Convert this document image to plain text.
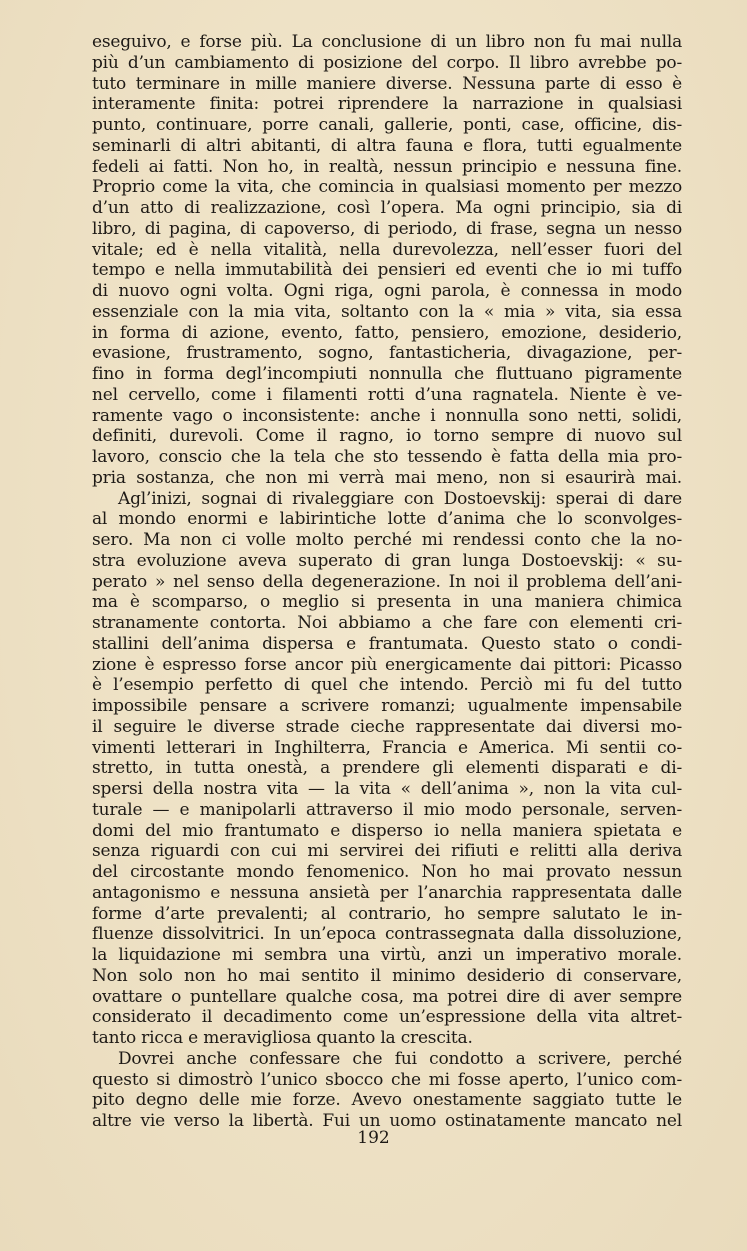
eseguivo, e forse più. La conclusione di un libro non fu mai nulla
più d’un cambiamento di posizione del corpo. Il libro avrebbe po-
tuto terminare in mille maniere diverse. Nessuna parte di esso è
interamente finita: potrei riprendere la narrazione in qualsiasi
punto, continuare, porre canali, gallerie, ponti, case, officine, dis-
seminarli di altri abitanti, di altra fauna e flora, tutti egualmente
fedeli ai fatti. Non ho, in realtà, nessun principio e nessuna fine.
Proprio come la vita, che comincia in qualsiasi momento per mezzo
d’un atto di realizzazione, così l’opera. Ma ogni principio, sia di
libro, di pagina, di capoverso, di periodo, di frase, segna un nesso
vitale; ed è nella vitalità, nella durevolezza, nell’esser fuori del
tempo e nella immutabilità dei pensieri ed eventi che io mi tuffo
di nuovo ogni volta. Ogni riga, ogni parola, è connessa in modo
essenziale con la mia vita, soltanto con la « mia » vita, sia essa
in forma di azione, evento, fatto, pensiero, emozione, desiderio,
evasione, frustramento, sogno, fantasticheria, divagazione, per-
fino in forma degl’incompiuti nonnulla che fluttuano pigramente
nel cervello, come i filamenti rotti d’una ragnatela. Niente è ve-
ramente vago o inconsistente: anche i nonnulla sono netti, solidi,
definiti, durevoli. Come il ragno, io torno sempre di nuovo sul
lavoro, conscio che la tela che sto tessendo è fatta della mia pro-
pria sostanza, che non mi verrà mai meno, non si esaurirà mai.
Agl’inizi, sognai di rivaleggiare con Dostoevskij: sperai di dare
al mondo enormi e labirintiche lotte d’anima che lo sconvolges-
sero. Ma non ci volle molto perché mi rendessi conto che la no-
stra evoluzione aveva superato di gran lunga Dostoevskij: « su-
perato » nel senso della degenerazione. In noi il problema dell’ani-
ma è scomparso, o meglio si presenta in una maniera chimica
stranamente contorta. Noi abbiamo a che fare con elementi cri-
stallini dell’anima dispersa e frantumata. Questo stato o condi-
zione è espresso forse ancor più energicamente dai pittori: Picasso
è l’esempio perfetto di quel che intendo. Perciò mi fu del tutto
impossibile pensare a scrivere romanzi; ugualmente impensabile
il seguire le diverse strade cieche rappresentate dai diversi mo-
vimenti letterari in Inghilterra, Francia e America. Mi sentii co-
stretto, in tutta onestà, a prendere gli elementi disparati e di-
spersi della nostra vita — la vita « dell’anima », non la vita cul-
turale — e manipolarli attraverso il mio modo personale, serven-
domi del mio frantumato e disperso io nella maniera spietata e
senza riguardi con cui mi servirei dei rifiuti e relitti alla deriva
del circostante mondo fenomenico. Non ho mai provato nessun
antagonismo e nessuna ansietà per l’anarchia rappresentata dalle
forme d’arte prevalenti; al contrario, ho sempre salutato le in-
fluenze dissolvitrici. In un’epoca contrassegnata dalla dissoluzione,
la liquidazione mi sembra una virtù, anzi un imperativo morale.
Non solo non ho mai sentito il minimo desiderio di conservare,
ovattare o puntellare qualche cosa, ma potrei dire di aver sempre
considerato il decadimento come un’espressione della vita altret-
tanto ricca e meravigliosa quanto la crescita.
Dovrei anche confessare che fui condotto a scrivere, perché
questo si dimostrò l’unico sbocco che mi fosse aperto, l’unico com-
pito degno delle mie forze. Avevo onestamente saggiato tutte le
altre vie verso la libertà. Fui un uomo ostinatamente mancato nel
192
